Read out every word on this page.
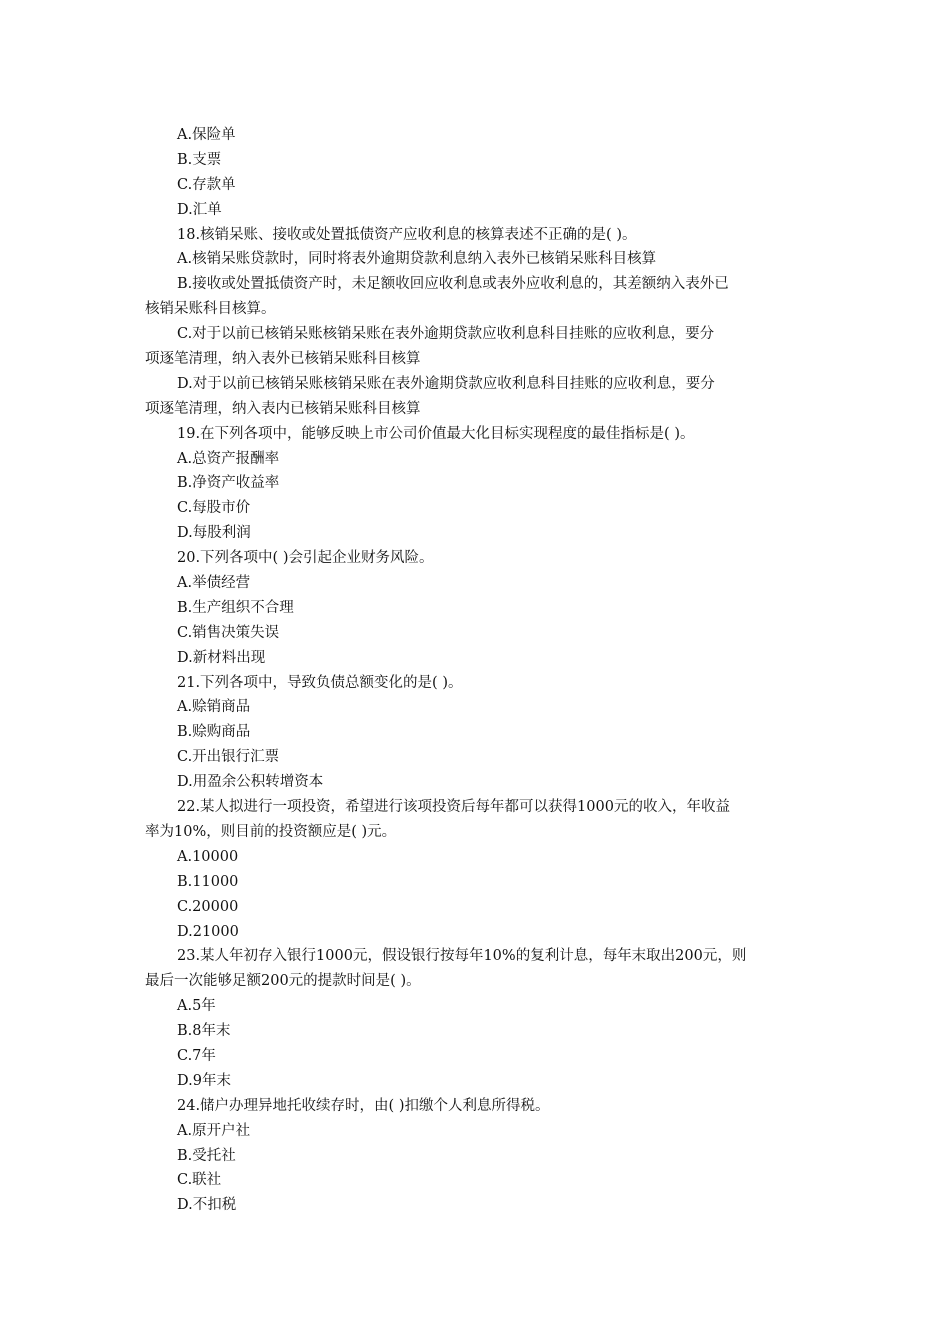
A.保险单
B.支票
C.存款单
D.汇单
18.核销呆账、接收或处置抵债资产应收利息的核算表述不正确的是( )。
A.核销呆账贷款时，同时将表外逾期贷款利息纳入表外已核销呆账科目核算
B.接收或处置抵债资产时，未足额收回应收利息或表外应收利息的，其差额纳入表外已
核销呆账科目核算。
C.对于以前已核销呆账核销呆账在表外逾期贷款应收利息科目挂账的应收利息，要分
项逐笔清理，纳入表外已核销呆账科目核算
D.对于以前已核销呆账核销呆账在表外逾期贷款应收利息科目挂账的应收利息，要分
项逐笔清理，纳入表内已核销呆账科目核算
19.在下列各项中，能够反映上市公司价值最大化目标实现程度的最佳指标是( )。
A.总资产报酬率
B.净资产收益率
C.每股市价
D.每股利润
20.下列各项中( )会引起企业财务风险。
A.举债经营
B.生产组织不合理
C.销售决策失误
D.新材料出现
21.下列各项中，导致负债总额变化的是( )。
A.赊销商品
B.赊购商品
C.开出银行汇票
D.用盈余公积转增资本
22.某人拟进行一项投资，希望进行该项投资后每年都可以获得1000元的收入，年收益
率为10%，则目前的投资额应是( )元。
A.10000
B.11000
C.20000
D.21000
23.某人年初存入银行1000元，假设银行按每年10%的复利计息，每年末取出200元，则
最后一次能够足额200元的提款时间是( )。
A.5年
B.8年末
C.7年
D.9年末
24.储户办理异地托收续存时，由( )扣缴个人利息所得税。
A.原开户社
B.受托社
C.联社
D.不扣税
